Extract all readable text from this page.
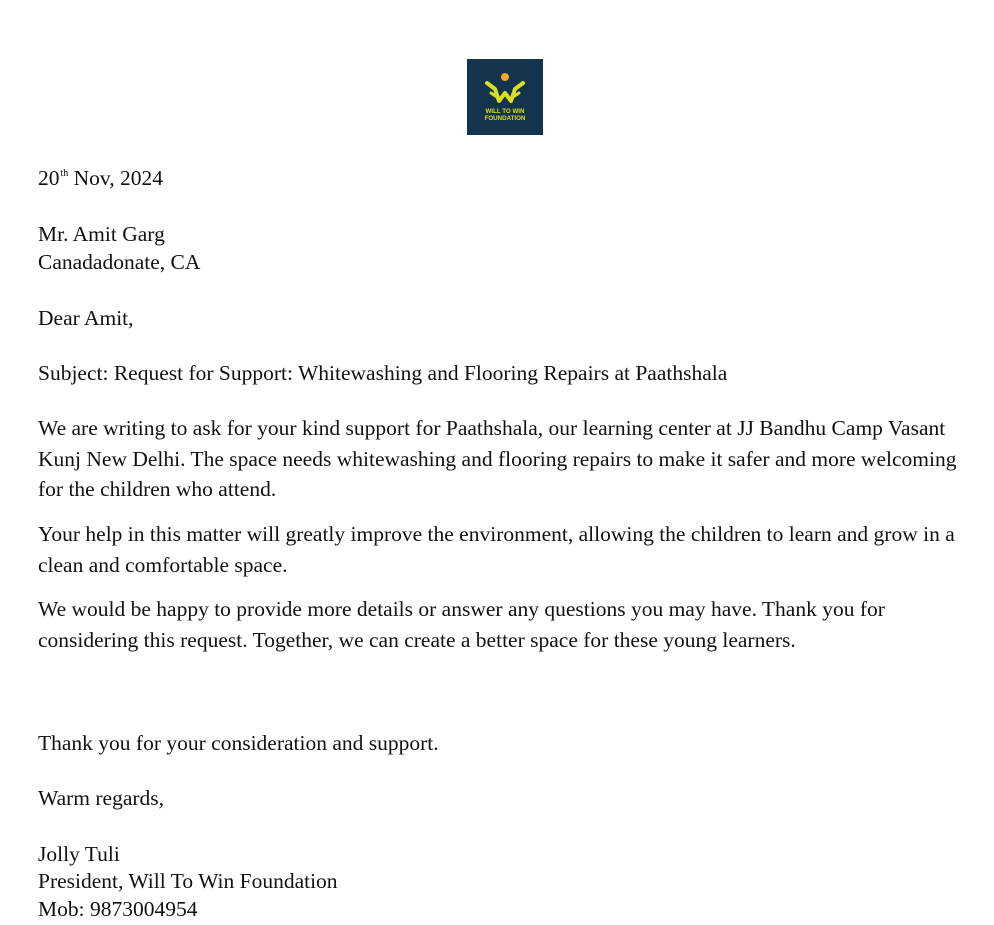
WILL TO WIN
FOUNDATION
20th Nov, 2024
Mr. Amit Garg
Canadadonate, CA
Dear Amit,
Subject: Request for Support: Whitewashing and Flooring Repairs at Paathshala
We are writing to ask for your kind support for Paathshala, our learning center at JJ Bandhu Camp Vasant Kunj New Delhi. The space needs whitewashing and flooring repairs to make it safer and more welcoming for the children who attend.
Your help in this matter will greatly improve the environment, allowing the children to learn and grow in a clean and comfortable space.
We would be happy to provide more details or answer any questions you may have. Thank you for considering this request. Together, we can create a better space for these young learners.
Thank you for your consideration and support.
Warm regards,
Jolly Tuli
President, Will To Win Foundation
Mob: 9873004954
